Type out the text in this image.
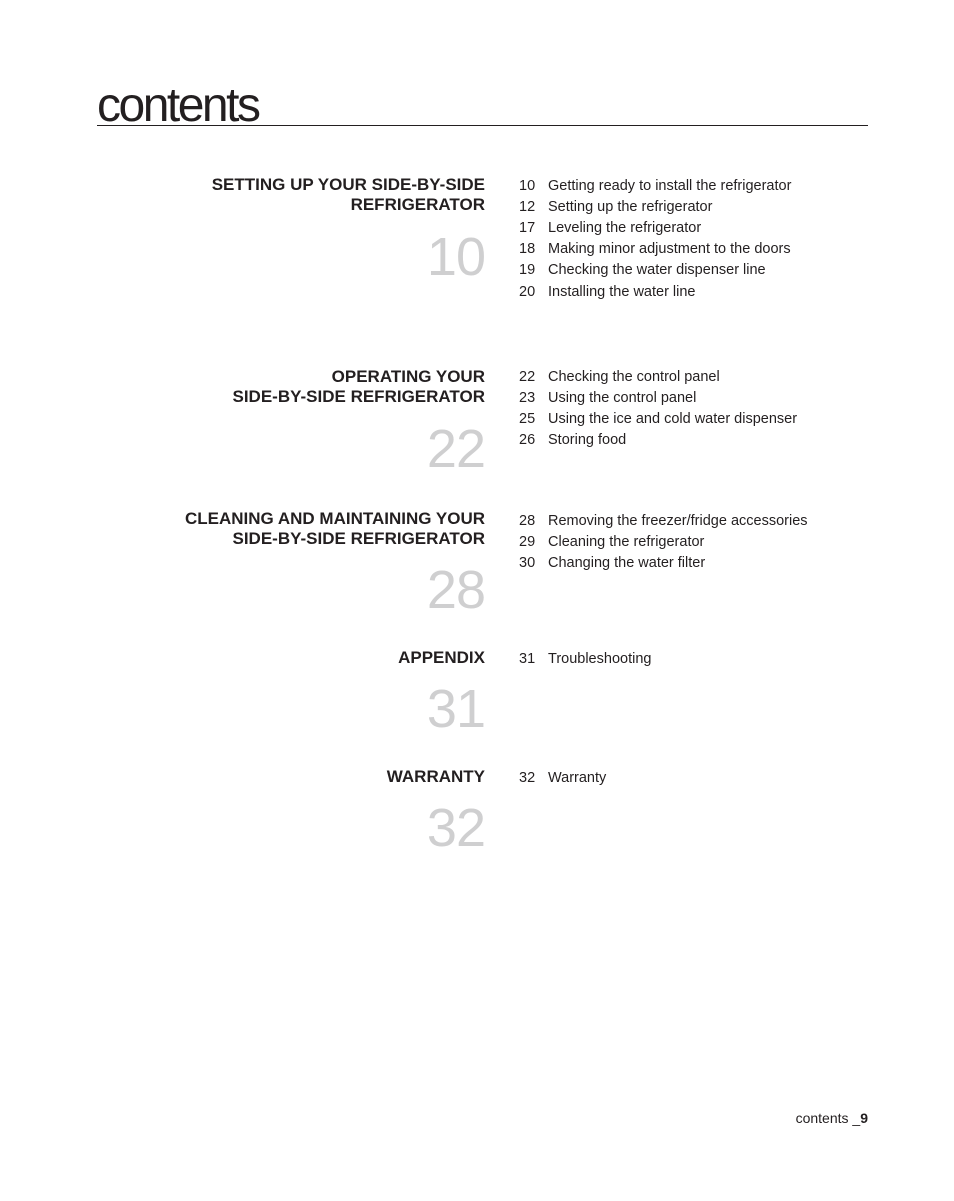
contents
SETTING UP YOUR SIDE-BY-SIDE
REFRIGERATOR
10
10 Getting ready to install the refrigerator
12 Setting up the refrigerator
17 Leveling the refrigerator
18 Making minor adjustment to the doors
19 Checking the water dispenser line
20 Installing the water line
OPERATING YOUR
SIDE-BY-SIDE REFRIGERATOR
22
22 Checking the control panel
23 Using the control panel
25 Using the ice and cold water dispenser
26 Storing food
CLEANING AND MAINTAINING YOUR
SIDE-BY-SIDE REFRIGERATOR
28
28 Removing the freezer/fridge accessories
29 Cleaning the refrigerator
30 Changing the water filter
APPENDIX
31
31 Troubleshooting
WARRANTY
32
32 Warranty
contents _9
